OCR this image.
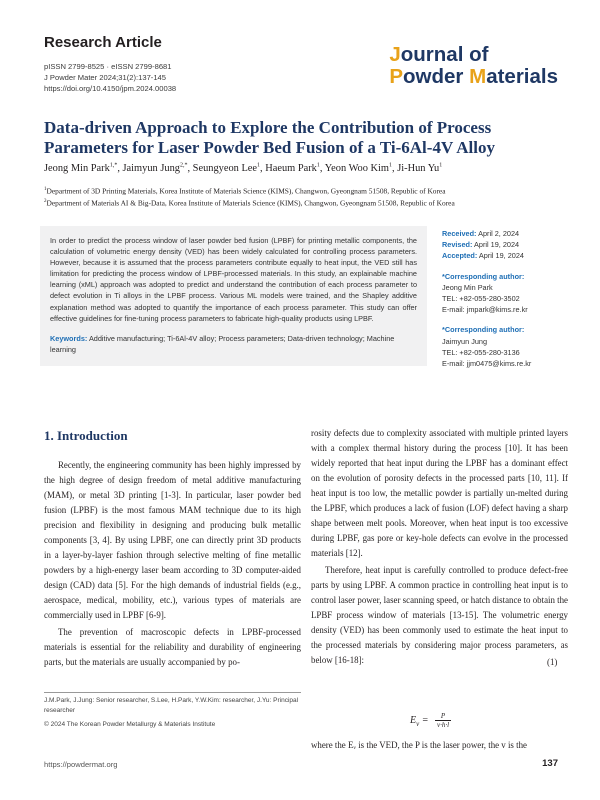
Research Article
pISSN 2799-8525 · eISSN 2799-8681
J Powder Mater 2024;31(2):137-145
https://doi.org/10.4150/jpm.2024.00038
Journal of
Powder Materials
Data-driven Approach to Explore the Contribution of Process Parameters for Laser Powder Bed Fusion of a Ti-6Al-4V Alloy
Jeong Min Park$^{1,*}$, Jaimyun Jung$^{2,*}$, Seungyeon Lee$^1$, Haeum Park$^1$, Yeon Woo Kim$^1$, Ji-Hun Yu$^1$
$^1$Department of 3D Printing Materials, Korea Institute of Materials Science (KIMS), Changwon, Gyeongnam 51508, Republic of Korea
$^2$Department of Materials AI & Big-Data, Korea Institute of Materials Science (KIMS), Changwon, Gyeongnam 51508, Republic of Korea
In order to predict the process window of laser powder bed fusion (LPBF) for printing metallic components, the calculation of volumetric energy density (VED) has been widely calculated for controlling process parameters. However, because it is assumed that the process parameters contribute equally to heat input, the VED still has limitation for predicting the process window of LPBF-processed materials. In this study, an explainable machine learning (xML) approach was adopted to predict and understand the contribution of each process parameter to defect evolution in Ti alloys in the LPBF process. Various ML models were trained, and the Shapley additive explanation method was adopted to quantify the importance of each process parameter. This study can offer effective guidelines for fine-tuning process parameters to fabricate high-quality products using LPBF.
Keywords: Additive manufacturing; Ti-6Al-4V alloy; Process parameters; Data-driven technology; Machine learning
Received: April 2, 2024
Revised: April 19, 2024
Accepted: April 19, 2024
*Corresponding author:
Jeong Min Park
TEL: +82-055-280-3502
E-mail: jmpark@kims.re.kr
*Corresponding author:
Jaimyun Jung
TEL: +82-055-280-3136
E-mail: jjm0475@kims.re.kr
1. Introduction

Recently, the engineering community has been highly impressed by the high degree of design freedom of metal additive manufacturing (MAM), or metal 3D printing [1-3]. In particular, laser powder bed fusion (LPBF) is the most famous MAM technique due to its high precision and flexibility in designing and producing bulk metallic components [3, 4]. By using LPBF, one can directly print 3D products in a layer-by-layer fashion through selective melting of fine metallic powders by a high-energy laser beam according to 3D computer-aided design (CAD) data [5]. For the high demands of industrial fields (e.g., aerospace, medical, mobility, etc.), various types of materials are commercially used in LPBF [6-9].

The prevention of macroscopic defects in LPBF-processed materials is essential for the reliability and durability of engineering parts, but the materials are usually accompanied by po-

J.M.Park, J.Jung: Senior researcher, S.Lee, H.Park, Y.W.Kim: researcher, J.Yu: Principal researcher
© 2024 The Korean Powder Metallurgy & Materials Institute

rosity defects due to complexity associated with multiple printed layers with a complex thermal history during the process [10]. It has been widely reported that heat input during the LPBF has a dominant effect on the evolution of porosity defects in the processed parts [10, 11]. If heat input is too low, the metallic powder is partially un-melted during the LPBF, which produces a lack of fusion (LOF) defect having a sharp shape between melt pools. Moreover, when heat input is too excessive during LPBF, gas pore or key-hole defects can evolve in the processed materials [12].

Therefore, heat input is carefully controlled to produce defect-free parts by using LPBF. A common practice in controlling heat input is to control laser power, laser scanning speed, or hatch distance to obtain the LPBF process window of materials [13-15]. The volumetric energy density (VED) has been commonly used to estimate the heat input to the processed materials by considering major process parameters, as below [16-18]:

$E_v = \frac{P}{v\cdot h\cdot l}$
(1)
where the Eᵥ is the VED, the P is the laser power, the v is the
https://powdermat.org	137
